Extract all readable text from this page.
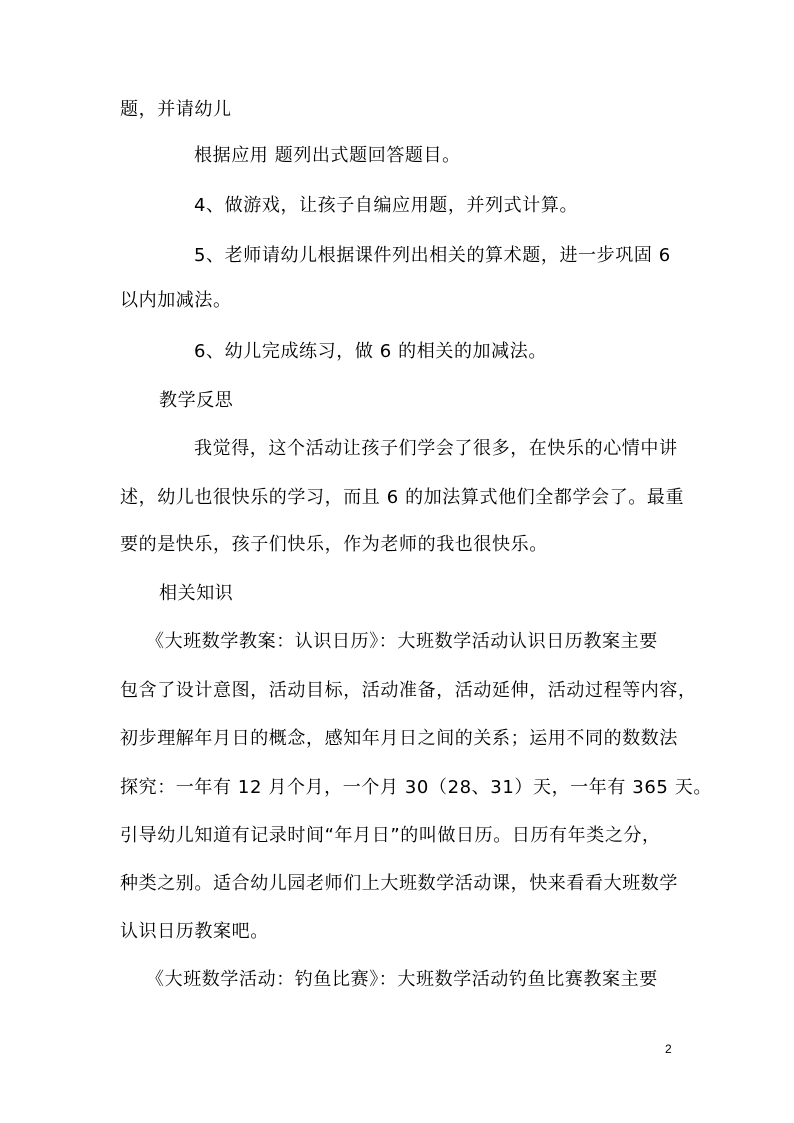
题，并请幼儿
根据应用 题列出式题回答题目。
4、做游戏，让孩子自编应用题，并列式计算。
5、老师请幼儿根据课件列出相关的算术题，进一步巩固 6
以内加减法。
6、幼儿完成练习，做 6 的相关的加减法。
教学反思
我觉得，这个活动让孩子们学会了很多，在快乐的心情中讲
述，幼儿也很快乐的学习，而且 6 的加法算式他们全都学会了。最重
要的是快乐，孩子们快乐，作为老师的我也很快乐。
相关知识
《大班数学教案：认识日历》：大班数学活动认识日历教案主要
包含了设计意图，活动目标，活动准备，活动延伸，活动过程等内容，
初步理解年月日的概念，感知年月日之间的关系；运用不同的数数法
探究：一年有 12 月个月，一个月 30（28、31）天，一年有 365 天。
引导幼儿知道有记录时间“年月日”的叫做日历。日历有年类之分，
种类之别。适合幼儿园老师们上大班数学活动课，快来看看大班数学
认识日历教案吧。
《大班数学活动：钓鱼比赛》：大班数学活动钓鱼比赛教案主要
2
